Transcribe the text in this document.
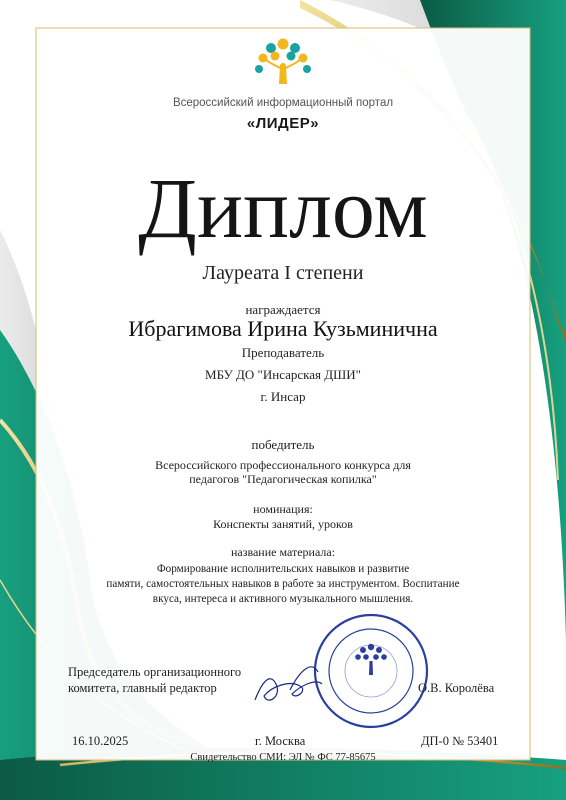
Всероссийский информационный портал
«ЛИДЕР»
Диплом
Лауреата I степени
награждается
Ибрагимова Ирина Кузьминична
Преподаватель
МБУ ДО "Инсарская ДШИ"
г. Инсар
победитель
Всероссийского профессионального конкурса для
педагогов "Педагогическая копилка"
номинация:
Конспекты занятий, уроков
название материала:
Формирование исполнительских навыков и развитие
памяти, самостоятельных навыков в работе за инструментом. Воспитание
вкуса, интереса и активного музыкального мышления.
Председатель организационного
комитета, главный редактор	О.В. Королёва
16.10.2025	г. Москва	ДП-0 № 53401
Свидетельство СМИ: ЭЛ № ФС 77-85675
